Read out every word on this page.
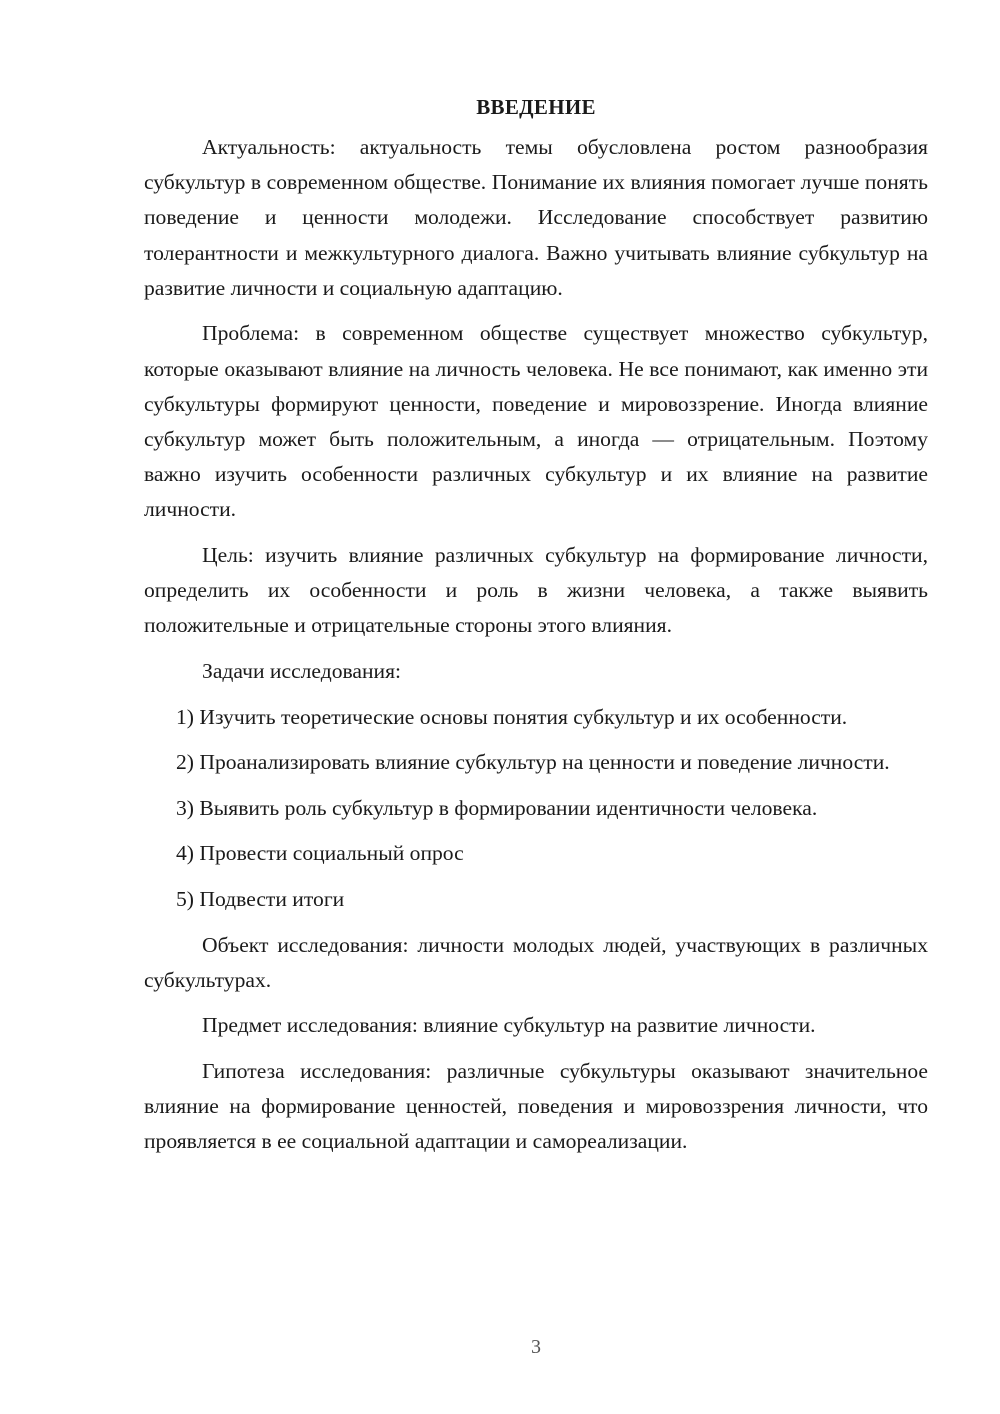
ВВЕДЕНИЕ

Актуальность: актуальность темы обусловлена ростом разнообразия субкультур в современном обществе. Понимание их влияния помогает лучше понять поведение и ценности молодежи. Исследование способствует развитию толерантности и межкультурного диалога. Важно учитывать влияние субкультур на развитие личности и социальную адаптацию.

Проблема: в современном обществе существует множество субкультур, которые оказывают влияние на личность человека. Не все понимают, как именно эти субкультуры формируют ценности, поведение и мировоззрение. Иногда влияние субкультур может быть положительным, а иногда — отрицательным. Поэтому важно изучить особенности различных субкультур и их влияние на развитие личности.

Цель: изучить влияние различных субкультур на формирование личности, определить их особенности и роль в жизни человека, а также выявить положительные и отрицательные стороны этого влияния.

Задачи исследования:

1) Изучить теоретические основы понятия субкультур и их особенности.

2) Проанализировать влияние субкультур на ценности и поведение личности.

3) Выявить роль субкультур в формировании идентичности человека.

4) Провести социальный опрос

5) Подвести итоги

Объект исследования: личности молодых людей, участвующих в различных субкультурах.

Предмет исследования: влияние субкультур на развитие личности.

Гипотеза исследования: различные субкультуры оказывают значительное влияние на формирование ценностей, поведения и мировоззрения личности, что проявляется в ее социальной адаптации и самореализации.

3
